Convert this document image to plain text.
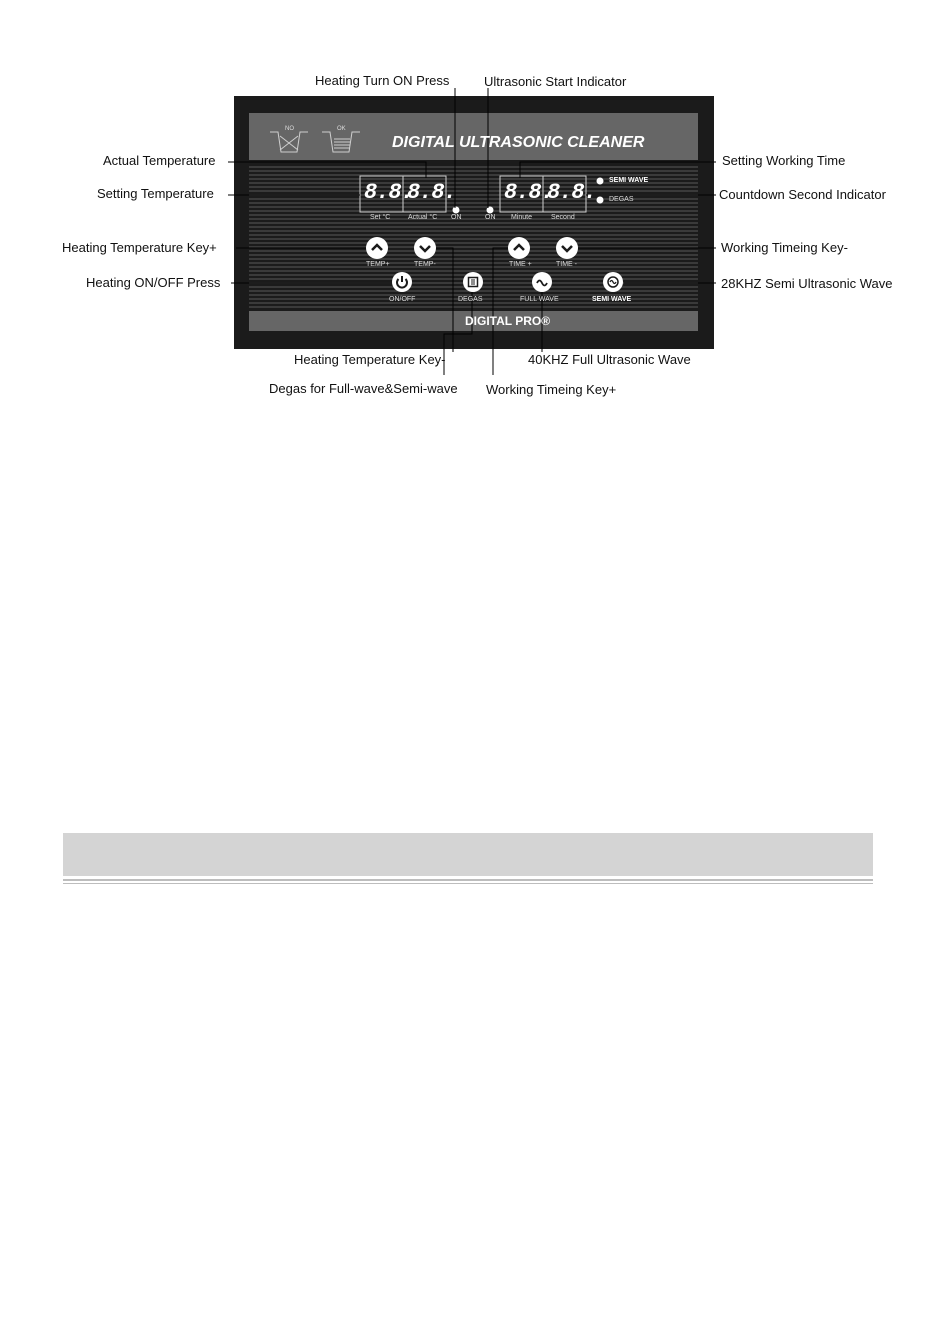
DIGITAL ULTRASONIC CLEANER
DIGITAL PRO®
NO	OK
8.8.
8.8. 8.8.
8.8.
Set °C	Actual °C ON	ON Minute	Second
SEMI WAVE
DEGAS
TEMP+	TEMP-	TIME +	TIME -
ON/OFF	DEGAS	FULL WAVE	SEMI WAVE
Heating Turn ON Press	Ultrasonic Start Indicator
Actual Temperature
Setting Temperature
Setting Working Time
Countdown Second Indicator
Heating Temperature Key+	Working Timeing Key-
Heating ON/OFF Press	28KHZ Semi Ultrasonic Wave
Heating Temperature Key-	40KHZ Full Ultrasonic Wave
Degas for Full-wave&Semi-wave Working Timeing Key+
